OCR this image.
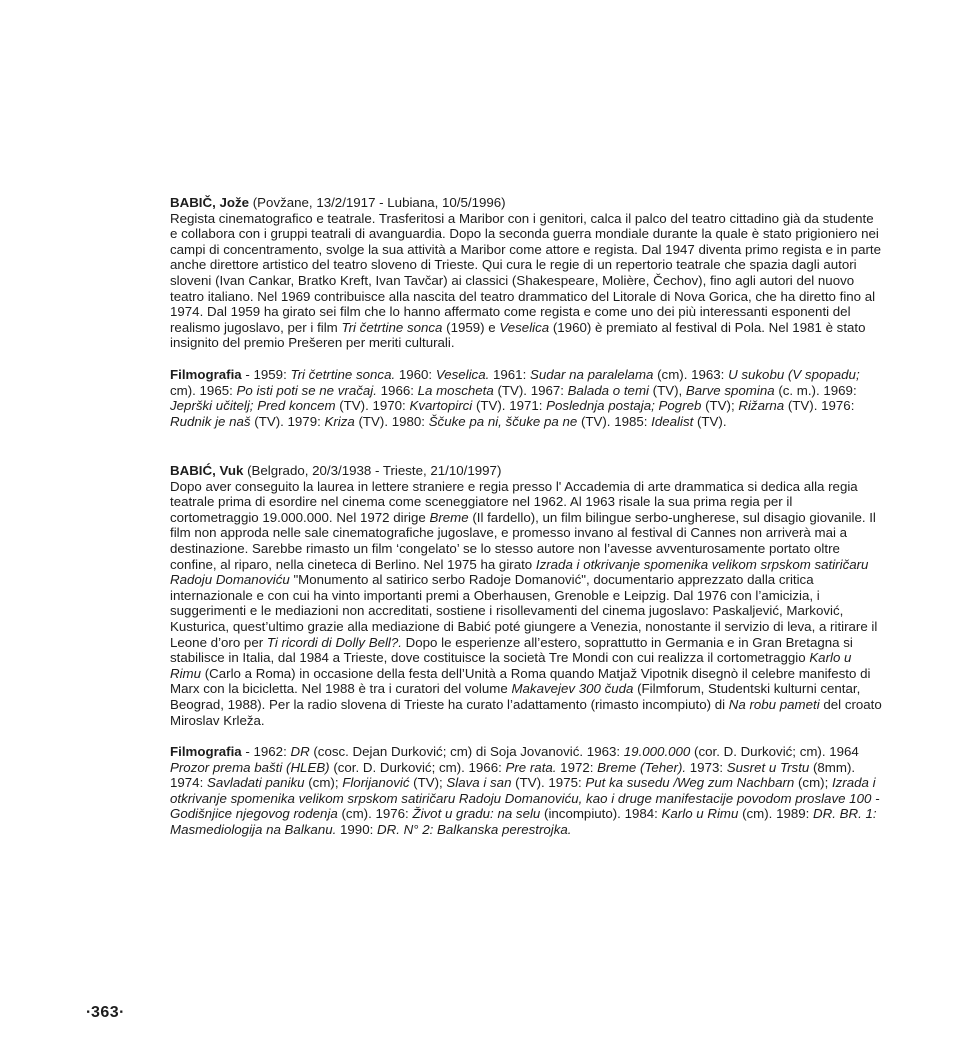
BABIČ, Jože (Povžane, 13/2/1917 - Lubiana, 10/5/1996)

Regista cinematografico e teatrale. Trasferitosi a Maribor con i genitori, calca il palco del teatro cittadino già da studente e collabora con i gruppi teatrali di avanguardia. Dopo la seconda guerra mondiale durante la quale è stato prigioniero nei campi di concentramento, svolge la sua attività a Maribor come attore e regista. Dal 1947 diventa primo regista e in parte anche direttore artistico del teatro sloveno di Trieste. Qui cura le regie di un repertorio teatrale che spazia dagli autori sloveni (Ivan Cankar, Bratko Kreft, Ivan Tavčar) ai classici (Shakespeare, Molière, Čechov), fino agli autori del nuovo teatro italiano. Nel 1969 contribuisce alla nascita del teatro drammatico del Litorale di Nova Gorica, che ha diretto fino al 1974. Dal 1959 ha girato sei film che lo hanno affermato come regista e come uno dei più interessanti esponenti del realismo jugoslavo, per i film Tri četrtine sonca (1959) e Veselica (1960) è premiato al festival di Pola. Nel 1981 è stato insignito del premio Prešeren per meriti culturali.

Filmografia - 1959: Tri četrtine sonca. 1960: Veselica. 1961: Sudar na paralelama (cm). 1963: U sukobu (V spopadu; cm). 1965: Po isti poti se ne vračaj. 1966: La moscheta (TV). 1967: Balada o temi (TV), Barve spomina (c. m.). 1969: Jeprški učitelj; Pred koncem (TV). 1970: Kvartopirci (TV). 1971: Poslednja postaja; Pogreb (TV); Rižarna (TV). 1976: Rudnik je naš (TV). 1979: Kriza (TV). 1980: Ščuke pa ni, ščuke pa ne (TV). 1985: Idealist (TV).

BABIĆ, Vuk (Belgrado, 20/3/1938 - Trieste, 21/10/1997)

Dopo aver conseguito la laurea in lettere straniere e regia presso l' Accademia di arte drammatica si dedica alla regia teatrale prima di esordire nel cinema come sceneggiatore nel 1962. Al 1963 risale la sua prima regia per il cortometraggio 19.000.000. Nel 1972 dirige Breme (Il fardello), un film bilingue serbo-ungherese, sul disagio giovanile. Il film non approda nelle sale cinematografiche jugoslave, e promesso invano al festival di Cannes non arriverà mai a destinazione. Sarebbe rimasto un film ‘congelato’ se lo stesso autore non l’avesse avventurosamente portato oltre confine, al riparo, nella cineteca di Berlino. Nel 1975 ha girato Izrada i otkrivanje spomenika velikom srpskom satiričaru Radoju Domanoviću "Monumento al satirico serbo Radoje Domanović", documentario apprezzato dalla critica internazionale e con cui ha vinto importanti premi a Oberhausen, Grenoble e Leipzig. Dal 1976 con l’amicizia, i suggerimenti e le mediazioni non accreditati, sostiene i risollevamenti del cinema jugoslavo: Paskaljević, Marković, Kusturica, quest’ultimo grazie alla mediazione di Babić poté giungere a Venezia, nonostante il servizio di leva, a ritirare il Leone d’oro per Ti ricordi di Dolly Bell?. Dopo le esperienze all’estero, soprattutto in Germania e in Gran Bretagna si stabilisce in Italia, dal 1984 a Trieste, dove costituisce la società Tre Mondi con cui realizza il cortometraggio Karlo u Rimu (Carlo a Roma) in occasione della festa dell’Unità a Roma quando Matjaž Vipotnik disegnò il celebre manifesto di Marx con la bicicletta. Nel 1988 è tra i curatori del volume Makavejev 300 čuda (Filmforum, Studentski kulturni centar, Beograd, 1988). Per la radio slovena di Trieste ha curato l’adattamento (rimasto incompiuto) di Na robu pameti del croato Miroslav Krleža.

Filmografia - 1962: DR (cosc. Dejan Durković; cm) di Soja Jovanović. 1963: 19.000.000 (cor. D. Durković; cm). 1964 Prozor prema bašti (HLEB) (cor. D. Durković; cm). 1966: Pre rata. 1972: Breme (Teher). 1973: Susret u Trstu (8mm). 1974: Savladati paniku (cm); Florijanović (TV); Slava i san (TV). 1975: Put ka susedu /Weg zum Nachbarn (cm); Izrada i otkrivanje spomenika velikom srpskom satiričaru Radoju Domanoviću, kao i druge manifestacije povodom proslave 100 - Godišnjice njegovog rodenja (cm). 1976: Život u gradu: na selu (incompiuto). 1984: Karlo u Rimu (cm). 1989: DR. BR. 1: Masmediologija na Balkanu. 1990: DR. N° 2: Balkanska perestrojka.

∙363∙
